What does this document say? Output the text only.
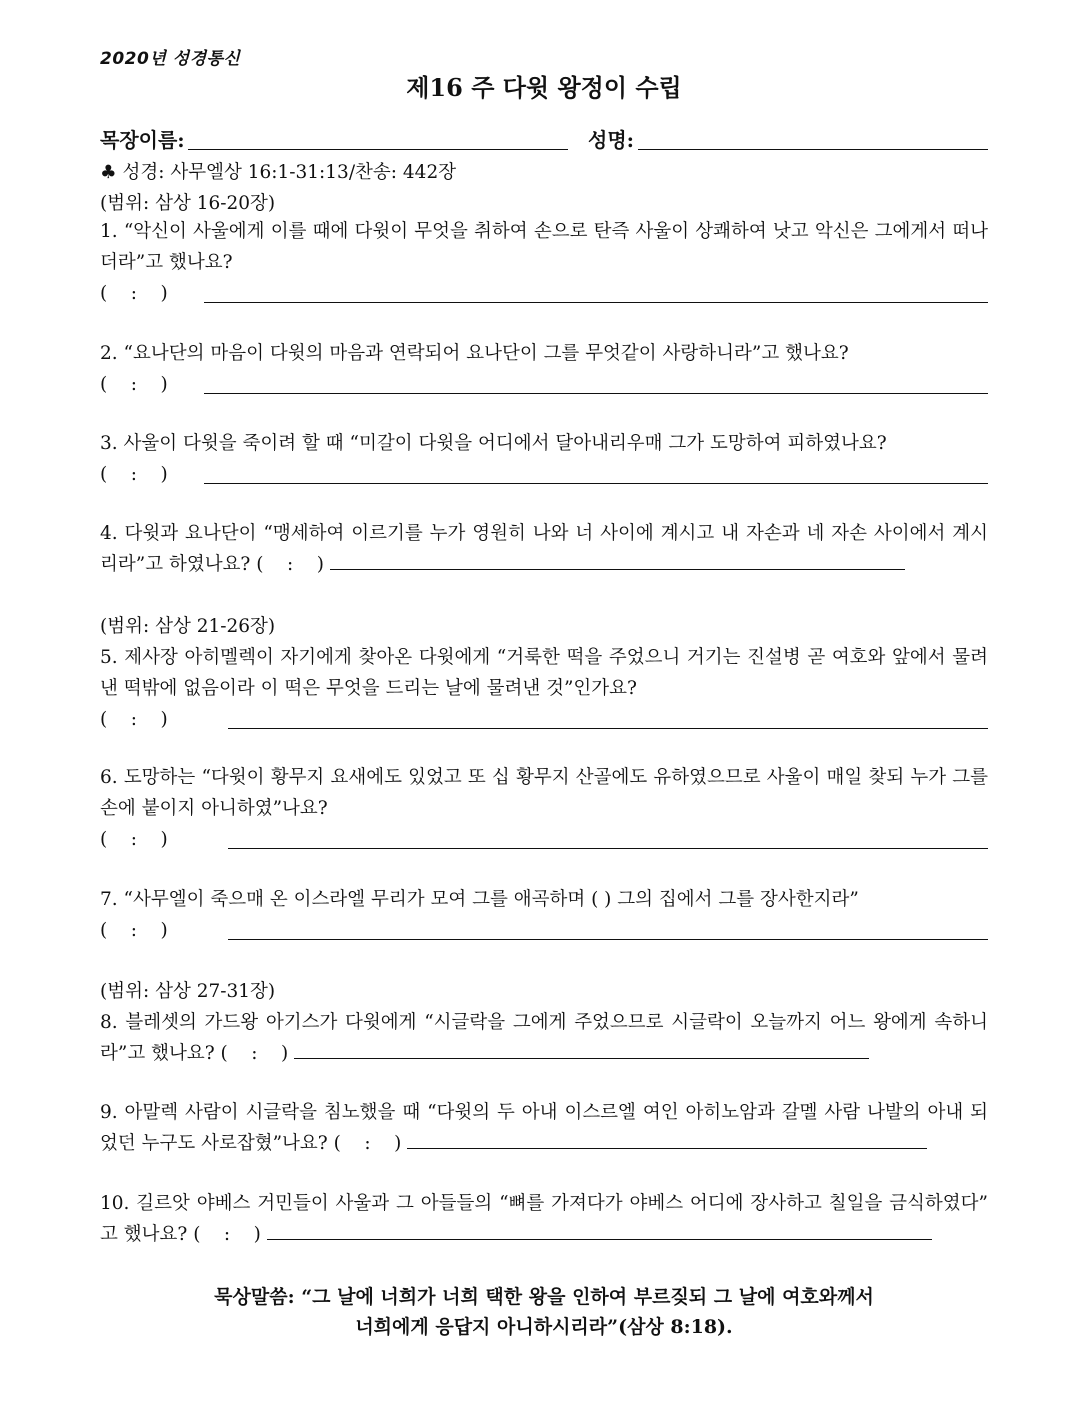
2020년 성경통신
제16 주 다윗 왕정이 수립
목장이름:	성명:
♣ 성경: 사무엘상 16:1-31:13/찬송: 442장
(범위: 삼상 16-20장)
1. “악신이 사울에게 이를 때에 다윗이 무엇을 취하여 손으로 탄즉 사울이 상쾌하여 낫고 악신은 그에게서 떠나더라”고 했나요?
(    :    )
2. “요나단의 마음이 다윗의 마음과 연락되어 요나단이 그를 무엇같이 사랑하니라”고 했나요?
(    :    )
3. 사울이 다윗을 죽이려 할 때 “미갈이 다윗을 어디에서 달아내리우매 그가 도망하여 피하였나요?
(    :    )
4. 다윗과 요나단이 “맹세하여 이르기를 누가 영원히 나와 너 사이에 계시고 내 자손과 네 자손 사이에서 계시리라”고 하였나요? (    :    )
(범위: 삼상 21-26장)
5. 제사장 아히멜렉이 자기에게 찾아온 다윗에게 “거룩한 떡을 주었으니 거기는 진설병 곧 여호와 앞에서 물려낸 떡밖에 없음이라 이 떡은 무엇을 드리는 날에 물려낸 것”인가요?
(    :    )
6. 도망하는 “다윗이 황무지 요새에도 있었고 또 십 황무지 산골에도 유하였으므로 사울이 매일 찾되 누가 그를 손에 붙이지 아니하였”나요?
(    :    )
7. “사무엘이 죽으매 온 이스라엘 무리가 모여 그를 애곡하며 ( ) 그의 집에서 그를 장사한지라”
(    :    )
(범위: 삼상 27-31장)
8. 블레셋의 가드왕 아기스가 다윗에게 “시글락을 그에게 주었으므로 시글락이 오늘까지 어느 왕에게 속하니라”고 했나요? (    :    )
9. 아말렉 사람이 시글락을 침노했을 때 “다윗의 두 아내 이스르엘 여인 아히노암과 갈멜 사람 나발의 아내 되었던 누구도 사로잡혔”나요? (    :    )
10. 길르앗 야베스 거민들이 사울과 그 아들들의 “뼈를 가져다가 야베스 어디에 장사하고 칠일을 금식하였다” 고 했나요? (    :    )
묵상말씀: “그 날에 너희가 너희 택한 왕을 인하여 부르짖되 그 날에 여호와께서
너희에게 응답지 아니하시리라”(삼상 8:18).
